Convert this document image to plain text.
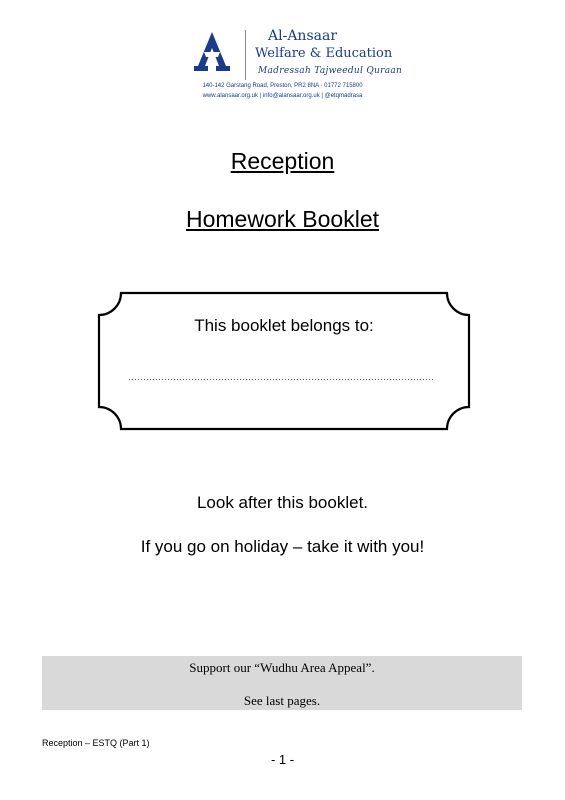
Al-Ansaar
Welfare & Education
Madressah Tajweedul Quraan
140-142 Garstang Road, Preston, PR2 8NA · 01772 715800
www.alansaar.org.uk | info@alansaar.org.uk | @etqmadrasa
Reception
Homework Booklet
This booklet belongs to:
…………………………………………………………………………………………
Look after this booklet.
If you go on holiday – take it with you!
Support our “Wudhu Area Appeal”.
See last pages.
Reception – ESTQ (Part 1)
- 1 -
